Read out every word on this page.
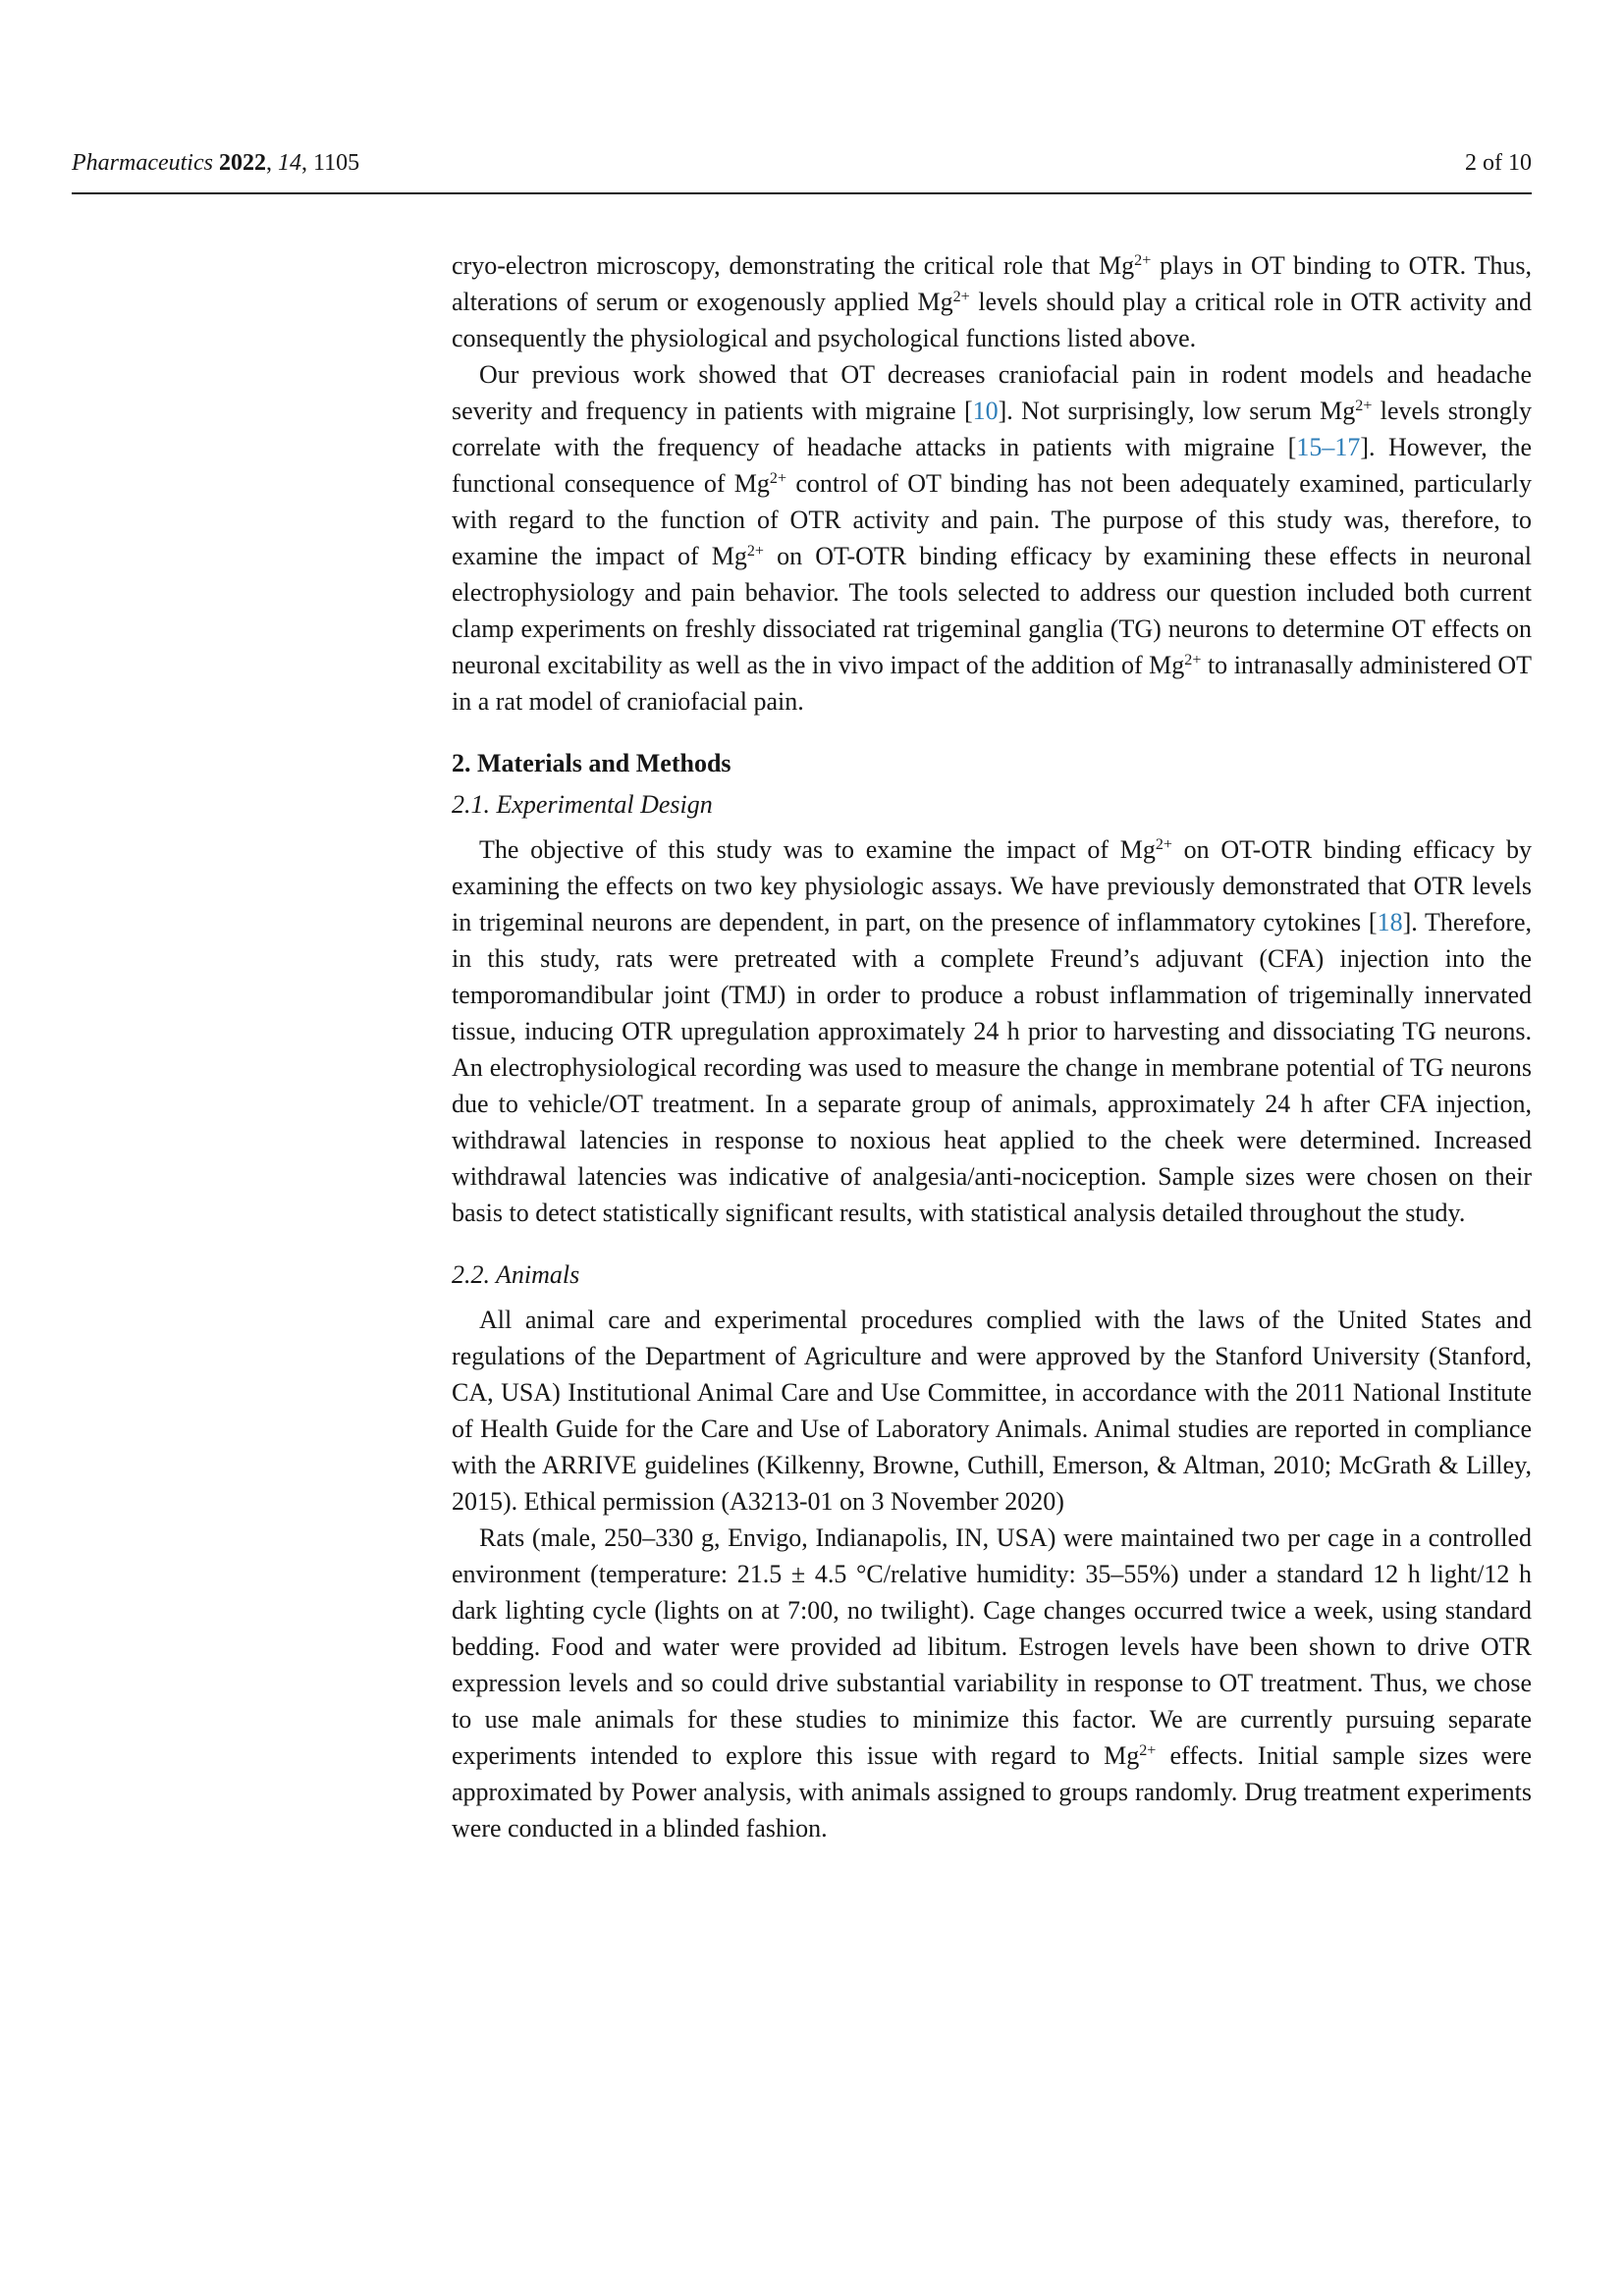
Pharmaceutics 2022, 14, 1105	2 of 10

cryo-electron microscopy, demonstrating the critical role that $Mg^{2+}$ plays in OT binding to OTR. Thus, alterations of serum or exogenously applied $Mg^{2+}$ levels should play a critical role in OTR activity and consequently the physiological and psychological functions listed above.

Our previous work showed that OT decreases craniofacial pain in rodent models and headache severity and frequency in patients with migraine [10]. Not surprisingly, low serum $Mg^{2+}$ levels strongly correlate with the frequency of headache attacks in patients with migraine [15–17]. However, the functional consequence of $Mg^{2+}$ control of OT binding has not been adequately examined, particularly with regard to the function of OTR activity and pain. The purpose of this study was, therefore, to examine the impact of $Mg^{2+}$ on OT-OTR binding efficacy by examining these effects in neuronal electrophysiology and pain behavior. The tools selected to address our question included both current clamp experiments on freshly dissociated rat trigeminal ganglia (TG) neurons to determine OT effects on neuronal excitability as well as the in vivo impact of the addition of $Mg^{2+}$ to intranasally administered OT in a rat model of craniofacial pain.

2. Materials and Methods
2.1. Experimental Design

The objective of this study was to examine the impact of $Mg^{2+}$ on OT-OTR binding efficacy by examining the effects on two key physiologic assays. We have previously demonstrated that OTR levels in trigeminal neurons are dependent, in part, on the presence of inflammatory cytokines [18]. Therefore, in this study, rats were pretreated with a complete Freund’s adjuvant (CFA) injection into the temporomandibular joint (TMJ) in order to produce a robust inflammation of trigeminally innervated tissue, inducing OTR upregulation approximately 24 h prior to harvesting and dissociating TG neurons. An electrophysiological recording was used to measure the change in membrane potential of TG neurons due to vehicle/OT treatment. In a separate group of animals, approximately 24 h after CFA injection, withdrawal latencies in response to noxious heat applied to the cheek were determined. Increased withdrawal latencies was indicative of analgesia/anti-nociception. Sample sizes were chosen on their basis to detect statistically significant results, with statistical analysis detailed throughout the study.

2.2. Animals

All animal care and experimental procedures complied with the laws of the United States and regulations of the Department of Agriculture and were approved by the Stanford University (Stanford, CA, USA) Institutional Animal Care and Use Committee, in accordance with the 2011 National Institute of Health Guide for the Care and Use of Laboratory Animals. Animal studies are reported in compliance with the ARRIVE guidelines (Kilkenny, Browne, Cuthill, Emerson, & Altman, 2010; McGrath & Lilley, 2015). Ethical permission (A3213-01 on 3 November 2020)

Rats (male, 250–330 g, Envigo, Indianapolis, IN, USA) were maintained two per cage in a controlled environment (temperature: 21.5 ± 4.5 °C/relative humidity: 35–55%) under a standard 12 h light/12 h dark lighting cycle (lights on at 7:00, no twilight). Cage changes occurred twice a week, using standard bedding. Food and water were provided ad libitum. Estrogen levels have been shown to drive OTR expression levels and so could drive substantial variability in response to OT treatment. Thus, we chose to use male animals for these studies to minimize this factor. We are currently pursuing separate experiments intended to explore this issue with regard to $Mg^{2+}$ effects. Initial sample sizes were approximated by Power analysis, with animals assigned to groups randomly. Drug treatment experiments were conducted in a blinded fashion.
